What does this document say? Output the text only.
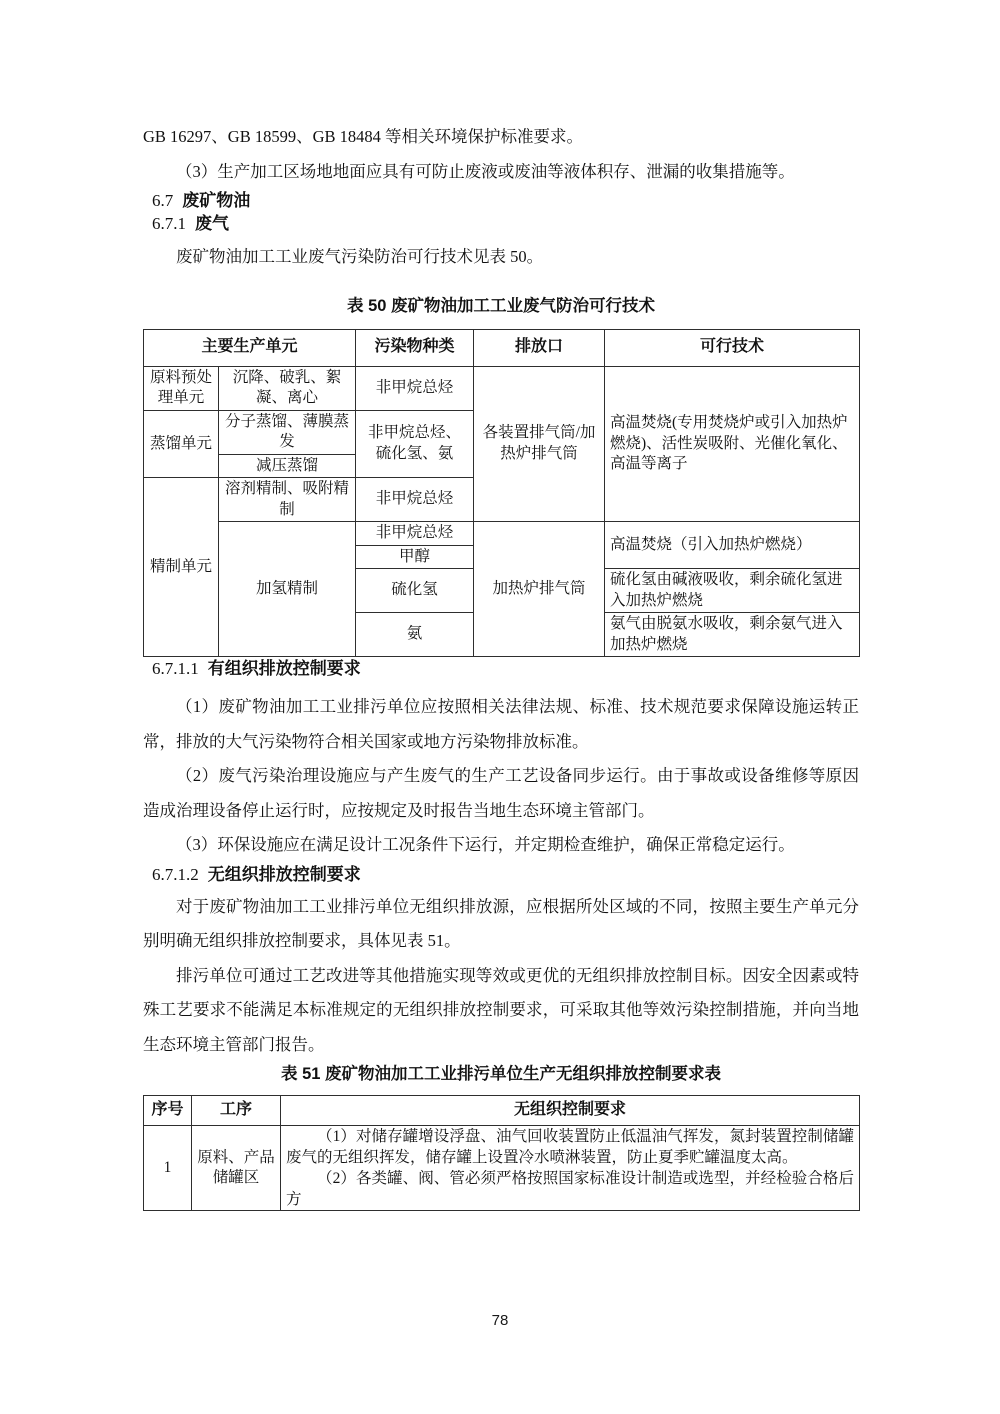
GB 16297、GB 18599、GB 18484 等相关环境保护标准要求。

（3）生产加工区场地地面应具有可防止废液或废油等液体积存、泄漏的收集措施等。

6.7 废矿物油
6.7.1 废气

废矿物油加工工业废气污染防治可行技术见表 50。

表 50 废矿物油加工工业废气防治可行技术
主要生产单元		污染物种类	排放口	可行技术
原料预处理单元	沉降、破乳、絮凝、离心	非甲烷总烃	各装置排气筒/加热炉排气筒	高温焚烧(专用焚烧炉或引入加热炉燃烧)、活性炭吸附、光催化氧化、高温等离子
蒸馏单元	分子蒸馏、薄膜蒸发	非甲烷总烃、硫化氢、氨		
	减压蒸馏			
精制单元	溶剂精制、吸附精制	非甲烷总烃		
	加氢精制	非甲烷总烃	加热炉排气筒	高温焚烧（引入加热炉燃烧）
		甲醇		
		硫化氢		硫化氢由碱液吸收，剩余硫化氢进入加热炉燃烧
		氨		氨气由脱氨水吸收，剩余氨气进入加热炉燃烧
6.7.1.1 有组织排放控制要求

（1）废矿物油加工工业排污单位应按照相关法律法规、标准、技术规范要求保障设施运转正常，排放的大气污染物符合相关国家或地方污染物排放标准。

（2）废气污染治理设施应与产生废气的生产工艺设备同步运行。由于事故或设备维修等原因造成治理设备停止运行时，应按规定及时报告当地生态环境主管部门。

（3）环保设施应在满足设计工况条件下运行，并定期检查维护，确保正常稳定运行。

6.7.1.2 无组织排放控制要求

对于废矿物油加工工业排污单位无组织排放源，应根据所处区域的不同，按照主要生产单元分别明确无组织排放控制要求，具体见表 51。

排污单位可通过工艺改进等其他措施实现等效或更优的无组织排放控制目标。因安全因素或特殊工艺要求不能满足本标准规定的无组织排放控制要求，可采取其他等效污染控制措施，并向当地生态环境主管部门报告。

表 51 废矿物油加工工业排污单位生产无组织排放控制要求表
序号	工序	无组织控制要求
1	原料、产品储罐区	（1）对储存罐增设浮盘、油气回收装置防止低温油气挥发，氮封装置控制储罐废气的无组织挥发，储存罐上设置冷水喷淋装置，防止夏季贮罐温度太高。

（2）各类罐、阀、管必须严格按照国家标准设计制造或选型，并经检验合格后方

78
